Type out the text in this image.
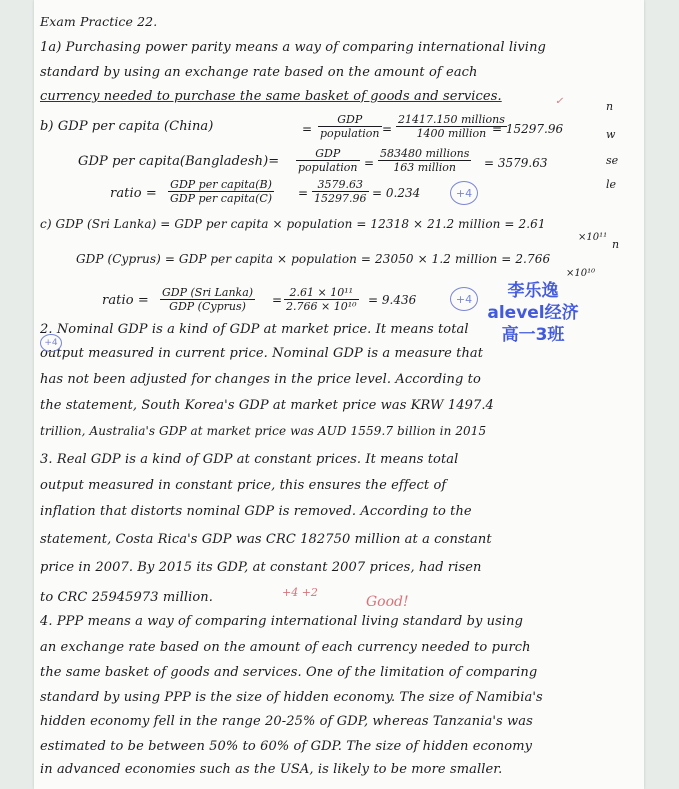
Exam Practice 22.
1a) Purchasing power parity means a way of comparing international living
standard by using an exchange rate based on the amount of each
currency needed to purchase the same basket of goods and services.	✓
b) GDP per capita (China)	=
GDP
population =
21417.150 millions
1400 million = 15297.96
GDP per capita(Bangladesh)=
GDP
population =
583480 millions
163 million	= 3579.63
ratio =
GDP per capita(B)
GDP per capita(C) = $\frac{3579.63}{15297.96} = 0.234$	+4
c) GDP (Sri Lanka) = GDP per capita × population = 12318 × 21.2 million = 2.61
×10¹¹
GDP (Cyprus) = GDP per capita × population = 23050 × 1.2 million = 2.766
×10¹⁰
ratio =
GDP (Sri Lanka)
GDP (Cyprus)	= $\frac{\text{2.61 × 10¹¹}}{\text{2.766 × 10¹⁰}} = 9.436$	+4	李乐逸
alevel经济
高一3班
2. Nominal GDP is a kind of GDP at market price. It means total
output measured in current price. Nominal GDP is a measure that
has not been adjusted for changes in the price level. According to
the statement, South Korea's GDP at market price was KRW 1497.4
trillion, Australia's GDP at market price was AUD 1559.7 billion in 2015
+4
3. Real GDP is a kind of GDP at constant prices. It means total
output measured in constant price, this ensures the effect of
inflation that distorts nominal GDP is removed. According to the
statement, Costa Rica's GDP was CRC 18​2750 million at a constant
price in 2007. By 2015 its GDP, at constant 2007 prices, had risen
to CRC 25945973 million.	+4 +2
Good!
4. PPP means a way of comparing international living standard by using
an exchange rate based on the amount of each currency needed to purch
the same basket of goods and services. One of the limitation of comparing
standard by using PPP is the size of hidden economy. The size of Namibia's
hidden economy fell in the range 20-25% of GDP, whereas Tanzania's was
estimated to be between 50% to 60% of GDP. The size of hidden economy
in advanced economies such as the USA, is likely to be more smaller.
n
w
se
le
n
